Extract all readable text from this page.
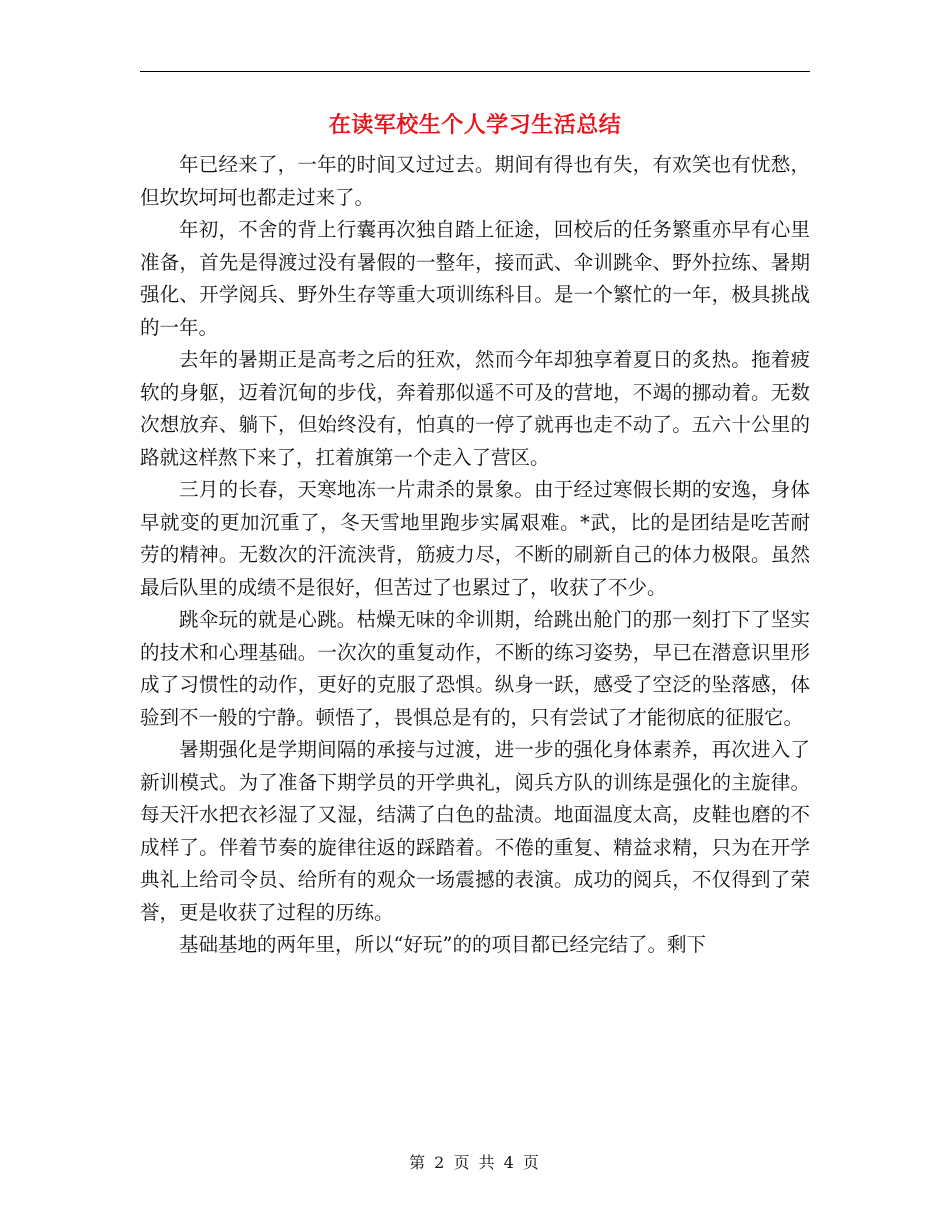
在读军校生个人学习生活总结

年已经来了，一年的时间又过过去。期间有得也有失，有欢笑也有忧愁，但坎坎坷坷也都走过来了。

年初，不舍的背上行囊再次独自踏上征途，回校后的任务繁重亦早有心里准备，首先是得渡过没有暑假的一整年，接而武、伞训跳伞、野外拉练、暑期强化、开学阅兵、野外生存等重大项训练科目。是一个繁忙的一年，极具挑战的一年。

去年的暑期正是高考之后的狂欢，然而今年却独享着夏日的炙热。拖着疲软的身躯，迈着沉甸的步伐，奔着那似遥不可及的营地，不竭的挪动着。无数次想放弃、躺下，但始终没有，怕真的一停了就再也走不动了。五六十公里的路就这样熬下来了，扛着旗第一个走入了营区。

三月的长春，天寒地冻一片肃杀的景象。由于经过寒假长期的安逸，身体早就变的更加沉重了，冬天雪地里跑步实属艰难。*武，比的是团结是吃苦耐劳的精神。无数次的汗流浃背，筋疲力尽，不断的刷新自己的体力极限。虽然最后队里的成绩不是很好，但苦过了也累过了，收获了不少。

跳伞玩的就是心跳。枯燥无味的伞训期，给跳出舱门的那一刻打下了坚实的技术和心理基础。一次次的重复动作，不断的练习姿势，早已在潜意识里形成了习惯性的动作，更好的克服了恐惧。纵身一跃，感受了空泛的坠落感，体验到不一般的宁静。顿悟了，畏惧总是有的，只有尝试了才能彻底的征服它。

暑期强化是学期间隔的承接与过渡，进一步的强化身体素养，再次进入了新训模式。为了准备下期学员的开学典礼，阅兵方队的训练是强化的主旋律。每天汗水把衣衫湿了又湿，结满了白色的盐渍。地面温度太高，皮鞋也磨的不成样了。伴着节奏的旋律往返的踩踏着。不倦的重复、精益求精，只为在开学典礼上给司令员、给所有的观众一场震撼的表演。成功的阅兵，不仅得到了荣誉，更是收获了过程的历练。

基础基地的两年里，所以“好玩”的的项目都已经完结了。剩下

第 2 页 共 4 页
